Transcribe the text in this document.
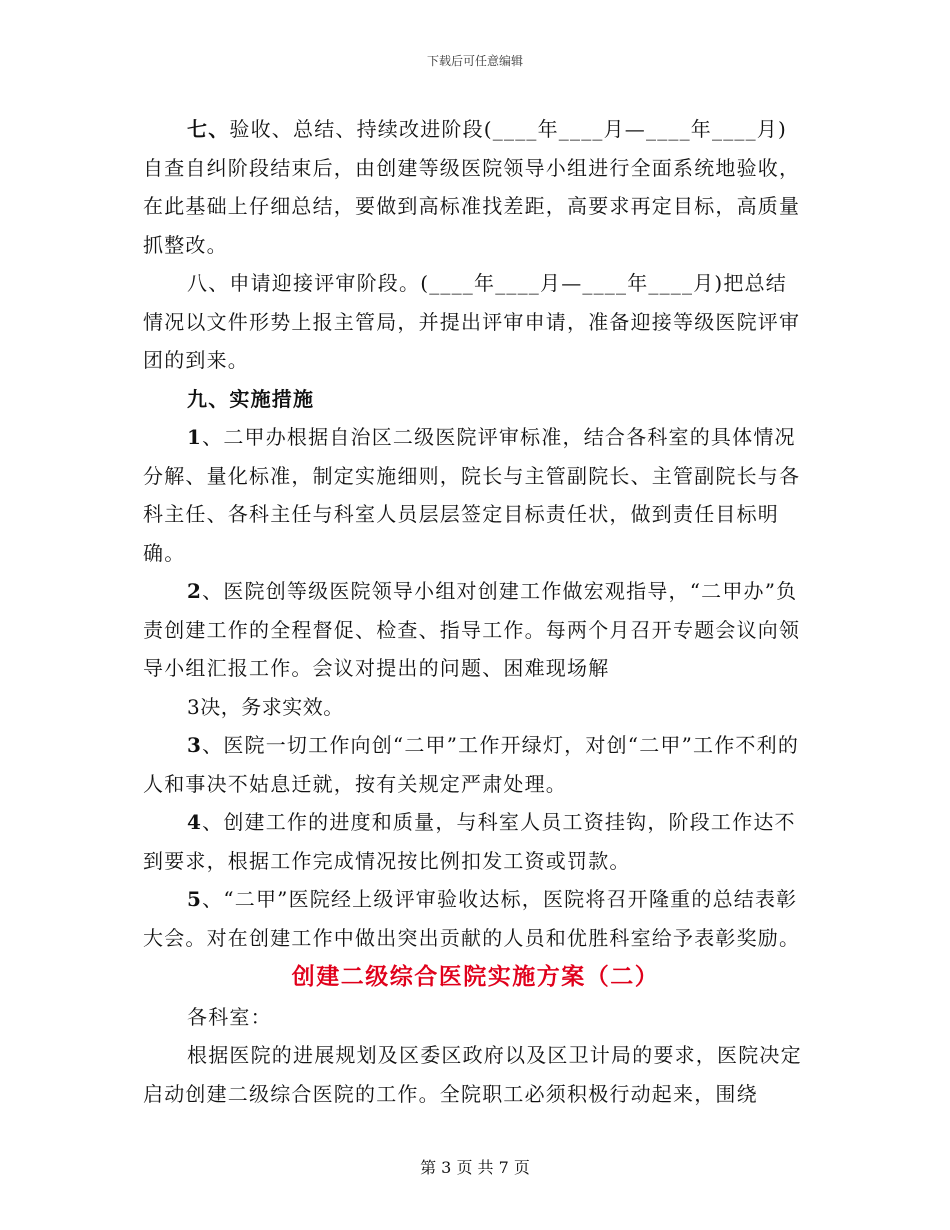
下载后可任意编辑

七、验收、总结、持续改进阶段(____年____月—____年____月)自查自纠阶段结束后，由创建等级医院领导小组进行全面系统地验收，在此基础上仔细总结，要做到高标准找差距，高要求再定目标，高质量抓整改。

八、申请迎接评审阶段。(____年____月—____年____月)把总结情况以文件形势上报主管局，并提出评审申请，准备迎接等级医院评审团的到来。

九、实施措施

1、二甲办根据自治区二级医院评审标准，结合各科室的具体情况分解、量化标准，制定实施细则，院长与主管副院长、主管副院长与各科主任、各科主任与科室人员层层签定目标责任状，做到责任目标明确。

2、医院创等级医院领导小组对创建工作做宏观指导，“二甲办”负责创建工作的全程督促、检查、指导工作。每两个月召开专题会议向领导小组汇报工作。会议对提出的问题、困难现场解

3决，务求实效。

3、医院一切工作向创“二甲”工作开绿灯，对创“二甲”工作不利的人和事决不姑息迁就，按有关规定严肃处理。

4、创建工作的进度和质量，与科室人员工资挂钩，阶段工作达不到要求，根据工作完成情况按比例扣发工资或罚款。

5、“二甲”医院经上级评审验收达标，医院将召开隆重的总结表彰大会。对在创建工作中做出突出贡献的人员和优胜科室给予表彰奖励。

创建二级综合医院实施方案（二）

各科室：

根据医院的进展规划及区委区政府以及区卫计局的要求，医院决定启动创建二级综合医院的工作。全院职工必须积极行动起来，围绕

第 3 页 共 7 页
